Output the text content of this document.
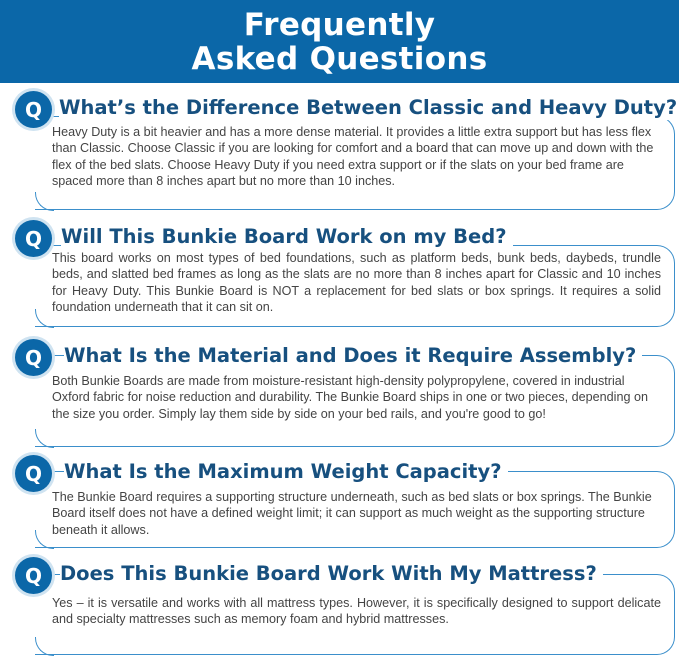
Frequently
Asked Questions
Q What’s the Difference Between Classic and Heavy Duty?
Heavy Duty is a bit heavier and has a more dense material. It provides a little extra support but has less flex than Classic. Choose Classic if you are looking for comfort and a board that can move up and down with the flex of the bed slats. Choose Heavy Duty if you need extra support or if the slats on your bed frame are spaced more than 8 inches apart but no more than 10 inches.
Q Will This Bunkie Board Work on my Bed?
This board works on most types of bed foundations, such as platform beds, bunk beds, daybeds, trundle beds, and slatted bed frames as long as the slats are no more than 8 inches apart for Classic and 10 inches for Heavy Duty. This Bunkie Board is NOT a replacement for bed slats or box springs. It requires a solid foundation underneath that it can sit on.
Q	What Is the Material and Does it Require Assembly?
Both Bunkie Boards are made from moisture-resistant high-density polypropylene, covered in industrial Oxford fabric for noise reduction and durability. The Bunkie Board ships in one or two pieces, depending on the size you order. Simply lay them side by side on your bed rails, and you're good to go!
Q	What Is the Maximum Weight Capacity?
The Bunkie Board requires a supporting structure underneath, such as bed slats or box springs. The Bunkie Board itself does not have a defined weight limit; it can support as much weight as the supporting structure beneath it allows.
Q Does This Bunkie Board Work With My Mattress?
Yes – it is versatile and works with all mattress types. However, it is specifically designed to support delicate and specialty mattresses such as memory foam and hybrid mattresses.
